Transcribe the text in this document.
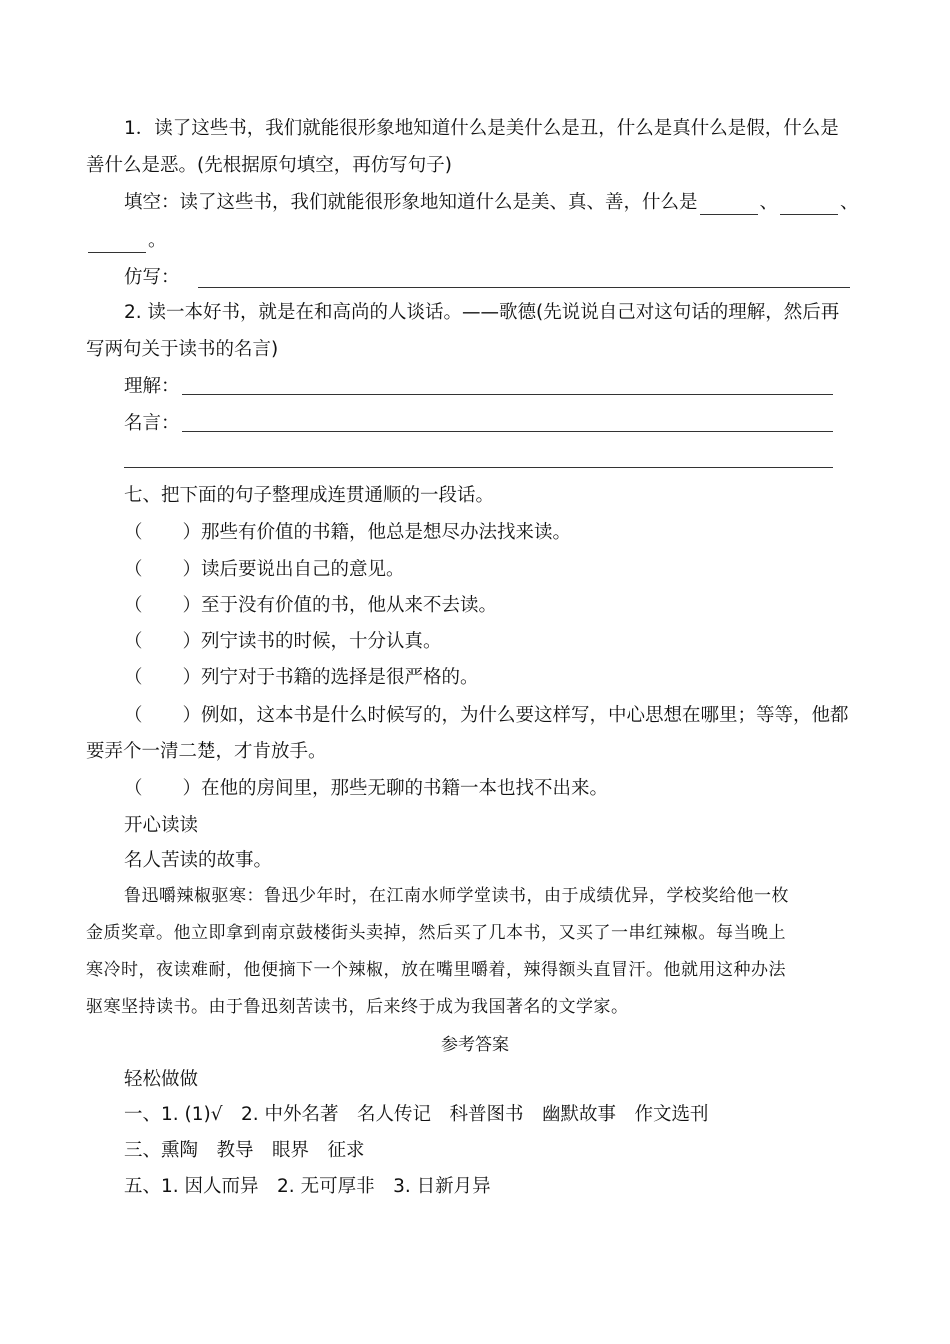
1．读了这些书，我们就能很形象地知道什么是美什么是丑，什么是真什么是假，什么是
善什么是恶。(先根据原句填空，再仿写句子)
填空：读了这些书，我们就能很形象地知道什么是美、真、善，什么是	、	、
。
仿写：
2. 读一本好书，就是在和高尚的人谈话。——歌德(先说说自己对这句话的理解，然后再
写两句关于读书的名言)
理解：
名言：
七、把下面的句子整理成连贯通顺的一段话。
（ ）那些有价值的书籍，他总是想尽办法找来读。
（ ）读后要说出自己的意见。
（ ）至于没有价值的书，他从来不去读。
（ ）列宁读书的时候，十分认真。
（ ）列宁对于书籍的选择是很严格的。
（ ）例如，这本书是什么时候写的，为什么要这样写，中心思想在哪里；等等，他都
要弄个一清二楚，才肯放手。
（ ）在他的房间里，那些无聊的书籍一本也找不出来。
开心读读
名人苦读的故事。
鲁迅嚼辣椒驱寒：鲁迅少年时，在江南水师学堂读书，由于成绩优异，学校奖给他一枚
金质奖章。他立即拿到南京鼓楼街头卖掉，然后买了几本书，又买了一串红辣椒。每当晚上
寒冷时，夜读难耐，他便摘下一个辣椒，放在嘴里嚼着，辣得额头直冒汗。他就用这种办法
驱寒坚持读书。由于鲁迅刻苦读书，后来终于成为我国著名的文学家。
参考答案
轻松做做
一、1. (1)√　2. 中外名著　名人传记　科普图书　幽默故事　作文选刊
三、熏陶　教导　眼界　征求
五、1. 因人而异　2. 无可厚非　3. 日新月异
